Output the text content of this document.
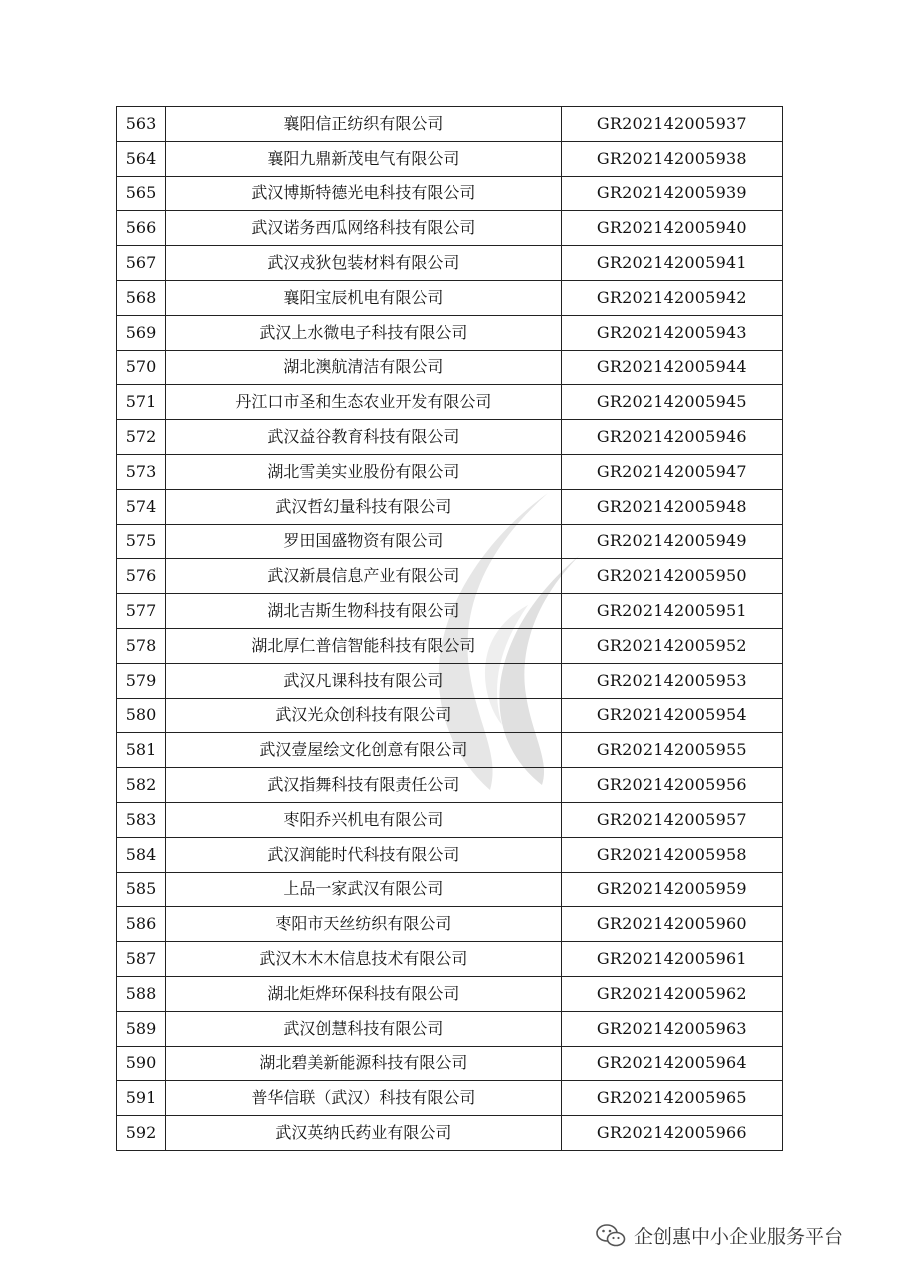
563	襄阳信正纺织有限公司	GR202142005937
564	襄阳九鼎新茂电气有限公司	GR202142005938
565	武汉博斯特德光电科技有限公司	GR202142005939
566	武汉诺务西瓜网络科技有限公司	GR202142005940
567	武汉戎狄包装材料有限公司	GR202142005941
568	襄阳宝辰机电有限公司	GR202142005942
569	武汉上水微电子科技有限公司	GR202142005943
570	湖北澳航清洁有限公司	GR202142005944
571	丹江口市圣和生态农业开发有限公司	GR202142005945
572	武汉益谷教育科技有限公司	GR202142005946
573	湖北雪美实业股份有限公司	GR202142005947
574	武汉哲幻量科技有限公司	GR202142005948
575	罗田国盛物资有限公司	GR202142005949
576	武汉新晨信息产业有限公司	GR202142005950
577	湖北吉斯生物科技有限公司	GR202142005951
578	湖北厚仁普信智能科技有限公司	GR202142005952
579	武汉凡课科技有限公司	GR202142005953
580	武汉光众创科技有限公司	GR202142005954
581	武汉壹屋绘文化创意有限公司	GR202142005955
582	武汉指舞科技有限责任公司	GR202142005956
583	枣阳乔兴机电有限公司	GR202142005957
584	武汉润能时代科技有限公司	GR202142005958
585	上品一家武汉有限公司	GR202142005959
586	枣阳市天丝纺织有限公司	GR202142005960
587	武汉木木木信息技术有限公司	GR202142005961
588	湖北炬烨环保科技有限公司	GR202142005962
589	武汉创慧科技有限公司	GR202142005963
590	湖北碧美新能源科技有限公司	GR202142005964
591	普华信联（武汉）科技有限公司	GR202142005965
592	武汉英纳氏药业有限公司	GR202142005966
企创惠中小企业服务平台
